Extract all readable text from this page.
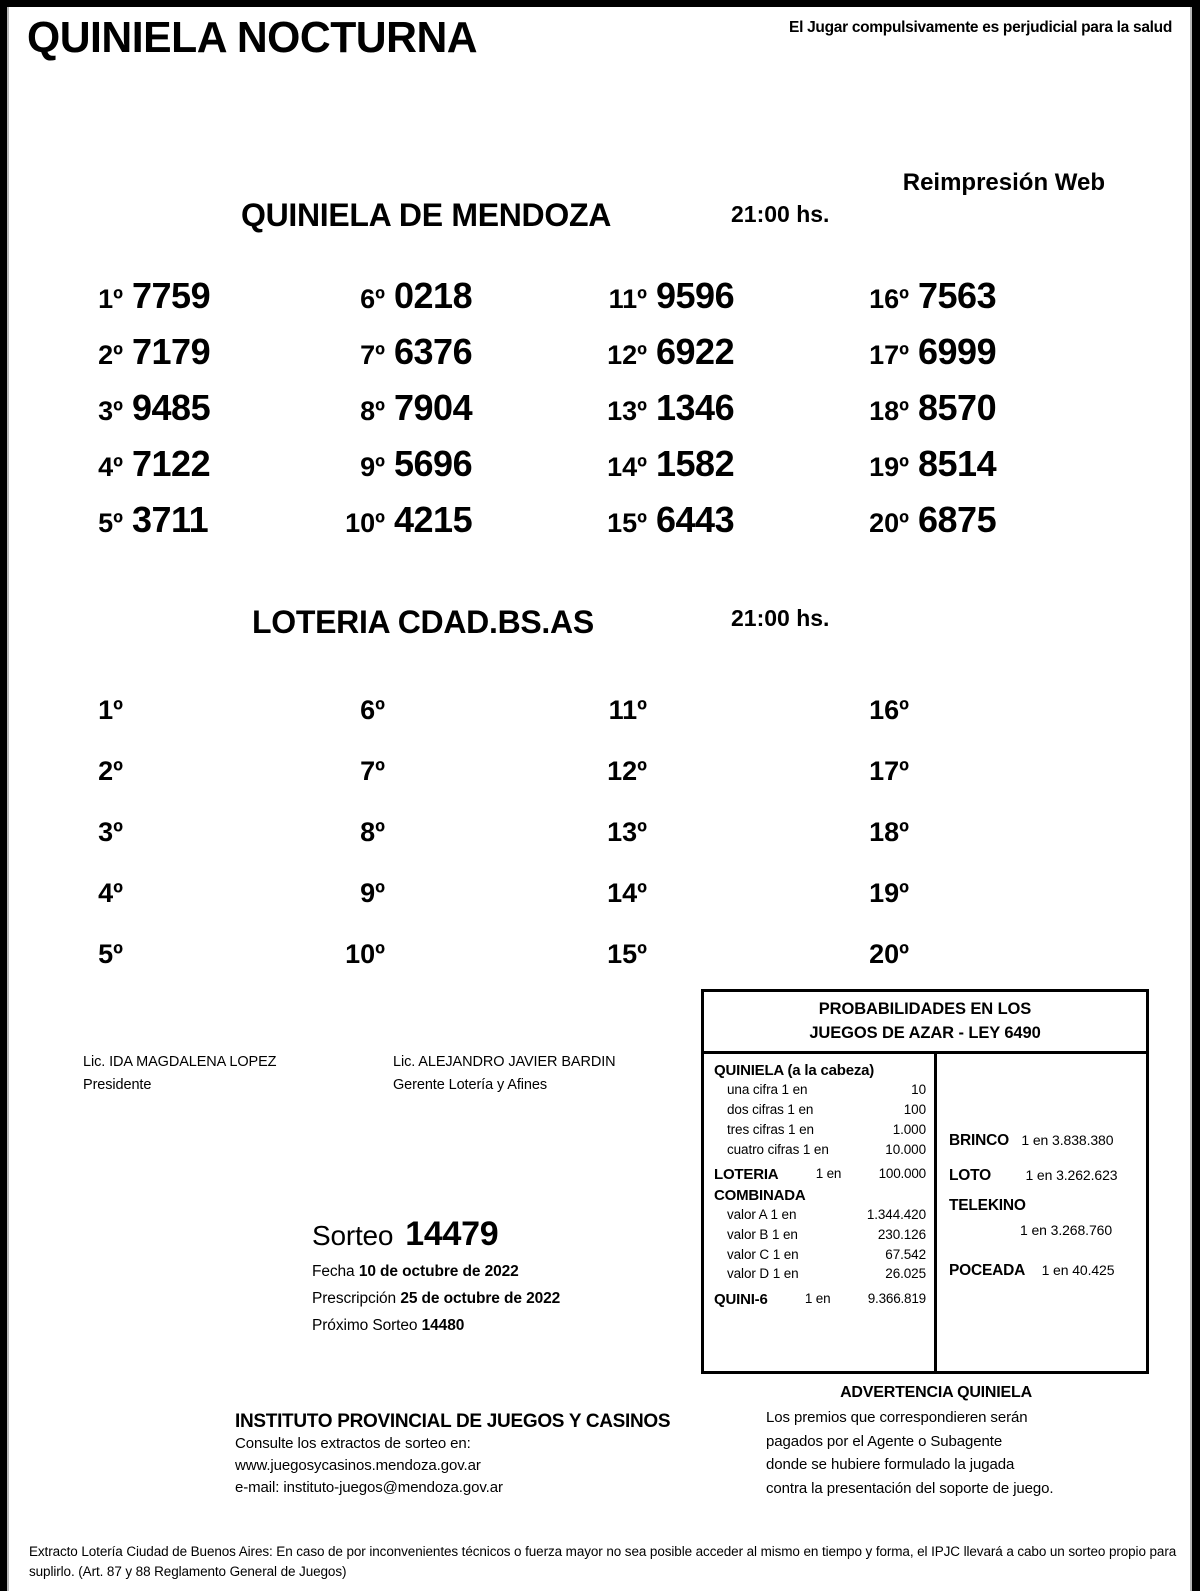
QUINIELA NOCTURNA	El Jugar compulsivamente es perjudicial para la salud
Reimpresión Web
QUINIELA DE MENDOZA	21:00 hs.
1º 7759	6º 0218	11º 9596	16º 7563
2º 7179	7º 6376	12º 6922	17º 6999
3º 9485	8º 7904	13º 1346	18º 8570
4º 7122	9º 5696	14º 1582	19º 8514
5º 3711	10º 4215	15º 6443	20º 6875
LOTERIA CDAD.BS.AS	21:00 hs.
1º	6º	11º	16º
2º	7º	12º	17º
3º	8º	13º	18º
4º	9º	14º	19º
5º	10º	15º	20º
Lic. IDA MAGDALENA LOPEZ
Presidente
Lic. ALEJANDRO JAVIER BARDIN
Gerente Lotería y Afines
Sorteo 14479
Fecha 10 de octubre de 2022
Prescripción 25 de octubre de 2022
Próximo Sorteo 14480
PROBABILIDADES EN LOS
JUEGOS DE AZAR - LEY 6490
QUINIELA (a la cabeza)
una cifra 1 en	10
dos cifras 1 en	100
tres cifras 1 en	1.000
cuatro cifras 1 en	10.000
LOTERIA	1 en	100.000
COMBINADA
valor A 1 en	1.344.420
valor B 1 en	230.126
valor C 1 en	67.542
valor D 1 en	26.025
QUINI-6	1 en	9.366.819
BRINCO 1 en 3.838.380
LOTO 1 en 3.262.623
TELEKINO
1 en 3.268.760
POCEADA 1 en 40.425
INSTITUTO PROVINCIAL DE JUEGOS Y CASINOS
Consulte los extractos de sorteo en:
www.juegosycasinos.mendoza.gov.ar
e-mail: instituto-juegos@mendoza.gov.ar
ADVERTENCIA QUINIELA
Los premios que correspondieren serán
pagados por el Agente o Subagente
donde se hubiere formulado la jugada
contra la presentación del soporte de juego.
Extracto Lotería Ciudad de Buenos Aires: En caso de por inconvenientes técnicos o fuerza mayor no sea posible acceder al mismo en tiempo y forma, el IPJC llevará a cabo un sorteo propio para suplirlo. (Art. 87 y 88 Reglamento General de Juegos)
